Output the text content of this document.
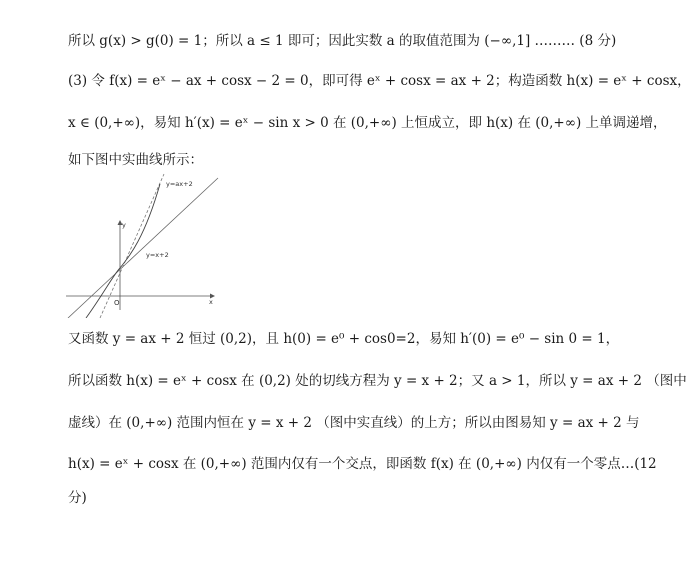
所以 g(x) > g(0) = 1；所以 a ≤ 1 即可；因此实数 a 的取值范围为 (−∞,1] ……… (8 分)
(3) 令 f(x) = eˣ − ax + cosx − 2 = 0，即可得 eˣ + cosx = ax + 2；构造函数 h(x) = eˣ + cosx，
x ∈ (0,+∞)，易知 h′(x) = eˣ − sin x > 0 在 (0,+∞) 上恒成立，即 h(x) 在 (0,+∞) 上单调递增，
如下图中实曲线所示：
又函数 y = ax + 2 恒过 (0,2)，且 h(0) = e⁰ + cos0=2，易知 h′(0) = e⁰ − sin 0 = 1，
所以函数 h(x) = eˣ + cosx 在 (0,2) 处的切线方程为 y = x + 2；又 a > 1，所以 y = ax + 2 （图中
虚线）在 (0,+∞) 范围内恒在 y = x + 2 （图中实直线）的上方；所以由图易知 y = ax + 2 与
h(x) = eˣ + cosx 在 (0,+∞) 范围内仅有一个交点，即函数 f(x) 在 (0,+∞) 内仅有一个零点…(12
分)
y=ax+2
y=x+2
y
x
O
